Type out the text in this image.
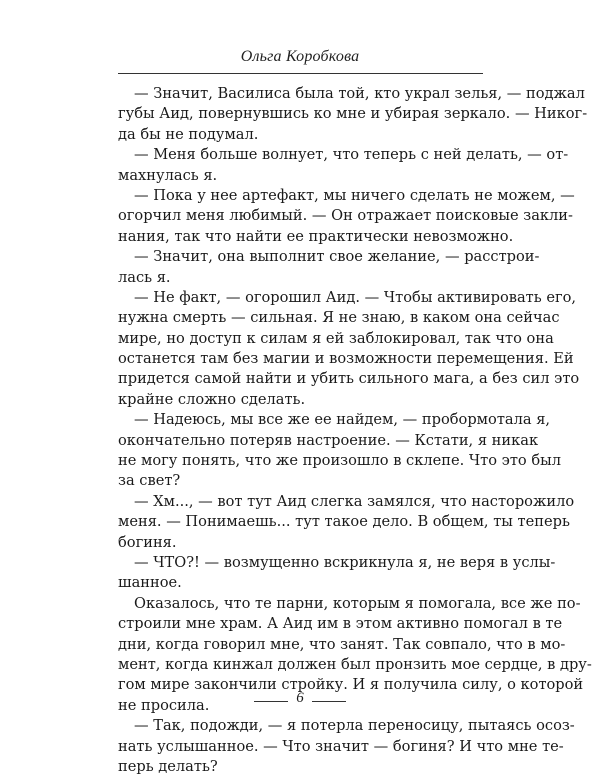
Ольга Коробкова
— Значит, Василиса была той, кто украл зелья, — поджал
губы Аид, повернувшись ко мне и убирая зеркало. — Никог-
да бы не подумал.
— Меня больше волнует, что теперь с ней делать, — от-
махнулась я.
— Пока у нее артефакт, мы ничего сделать не можем, —
огорчил меня любимый. — Он отражает поисковые закли-
нания, так что найти ее практически невозможно.
— Значит, она выполнит свое желание, — расстрои-
лась я.
— Не факт, — огорошил Аид. — Чтобы активировать его,
нужна смерть — сильная. Я не знаю, в каком она сейчас
мире, но доступ к силам я ей заблокировал, так что она
останется там без магии и возможности перемещения. Ей
придется самой найти и убить сильного мага, а без сил это
крайне сложно сделать.
— Надеюсь, мы все же ее найдем, — пробормотала я,
окончательно потеряв настроение. — Кстати, я никак
не могу понять, что же произошло в склепе. Что это был
за свет?
— Хм..., — вот тут Аид слегка замялся, что насторожило
меня. — Понимаешь... тут такое дело. В общем, ты теперь
богиня.
— ЧТО?! — возмущенно вскрикнула я, не веря в услы-
шанное.
Оказалось, что те парни, которым я помогала, все же по-
строили мне храм. А Аид им в этом активно помогал в те
дни, когда говорил мне, что занят. Так совпало, что в мо-
мент, когда кинжал должен был пронзить мое сердце, в дру-
гом мире закончили стройку. И я получила силу, о которой
не просила.
— Так, подожди, — я потерла переносицу, пытаясь осоз-
нать услышанное. — Что значит — богиня? И что мне те-
перь делать?
6
